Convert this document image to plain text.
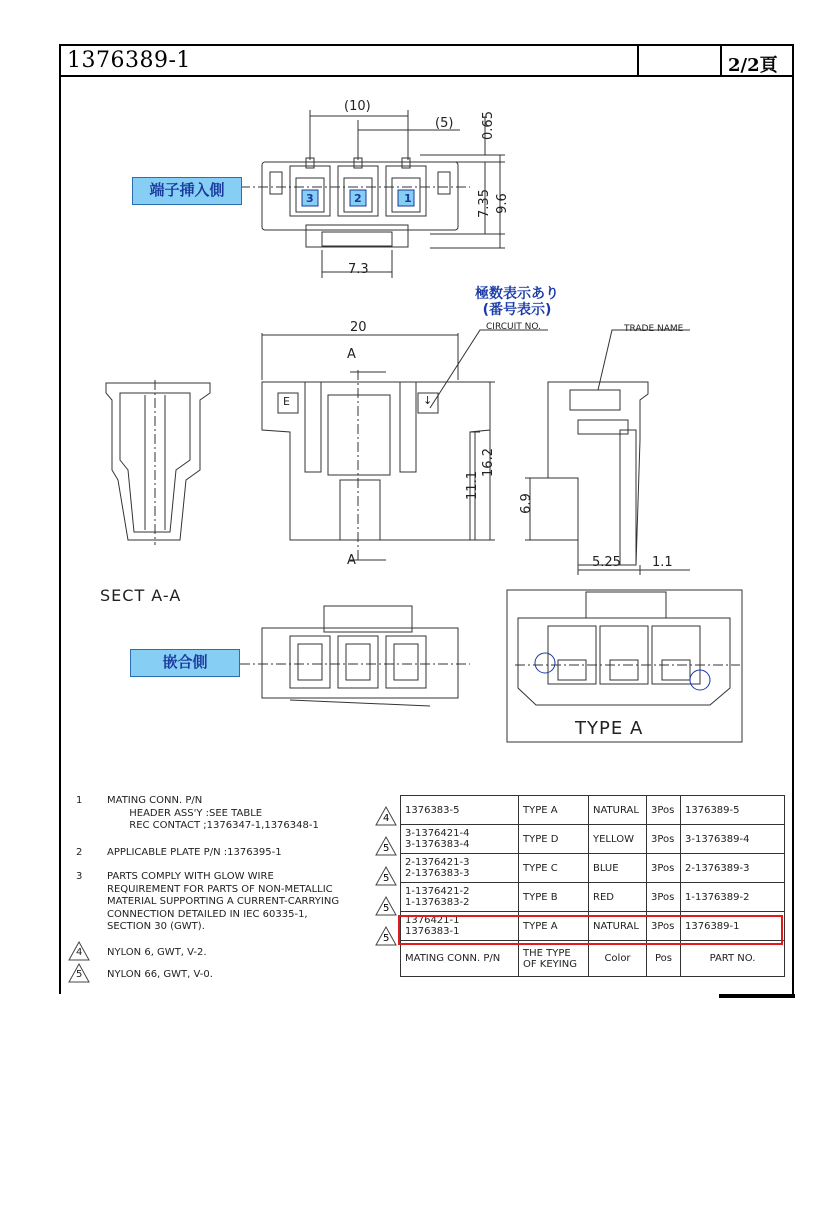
1376389-1	2/2頁
端子挿入側
嵌合側
極数表示あり
(番号表示)
CIRCUIT NO.	TRADE NAME
SECT A-A
TYPE A
A
A
(10)
(5) 0.65
7.35 9.6
7.3
20
16.2
11.1
6.9
5.25 1.1
3	2	1
E	↓
1	MATING CONN. P/N
HEADER ASS'Y :SEE TABLE
REC CONTACT ;1376347-1,1376348-1
2	APPLICABLE PLATE P/N :1376395-1
3	PARTS COMPLY WITH GLOW WIRE
REQUIREMENT FOR PARTS OF NON-METALLIC
MATERIAL SUPPORTING A CURRENT-CARRYING
CONNECTION DETAILED IN IEC 60335-1,
SECTION 30 (GWT).
4	NYLON 6, GWT, V-2.
5	NYLON 66, GWT, V-0.
4
5
5
5
5
1376383-5	TYPE A	NATURAL	3Pos	1376389-5

3-1376421-4
3-1376383-4	TYPE D	YELLOW	3Pos	3-1376389-4

2-1376421-3
2-1376383-3	TYPE C	BLUE	3Pos	2-1376389-3

1-1376421-2
1-1376383-2	TYPE B	RED	3Pos	1-1376389-2

1376421-1
1376383-1	TYPE A	NATURAL	3Pos	1376389-1
MATING CONN. P/N	THE TYPE
OF KEYING	Color	Pos	PART NO.
